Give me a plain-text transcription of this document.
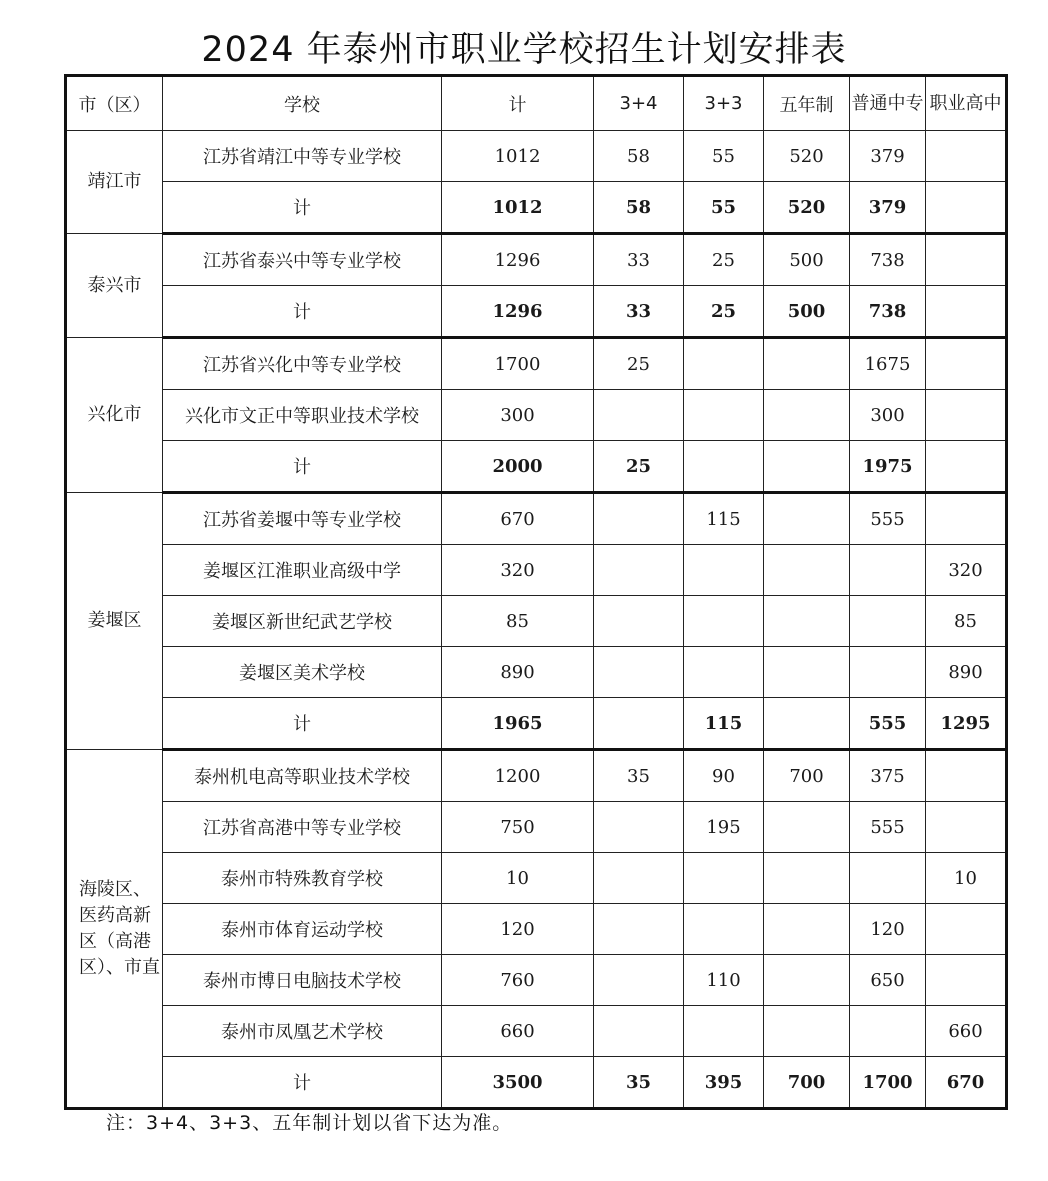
2024 年泰州市职业学校招生计划安排表
市（区）	学校	计	3+4	3+3	五年制	普通中专	职业高中
靖江市	江苏省靖江中等专业学校	1012	58	55	520	379	
	计	1012	58	55	520	379	
泰兴市	江苏省泰兴中等专业学校	1296	33	25	500	738	
	计	1296	33	25	500	738	
兴化市	江苏省兴化中等专业学校	1700	25			1675	
	兴化市文正中等职业技术学校	300				300	
	计	2000	25			1975	
姜堰区	江苏省姜堰中等专业学校	670		115		555	
	姜堰区江淮职业高级中学	320					320
	姜堰区新世纪武艺学校	85					85
	姜堰区美术学校	890					890
	计	1965		115		555	1295
海陵区、医药高新区（高港区）、市直	泰州机电高等职业技术学校	1200	35	90	700	375	
	江苏省高港中等专业学校	750		195		555	
	泰州市特殊教育学校	10					10
	泰州市体育运动学校	120				120	
	泰州市博日电脑技术学校	760		110		650	
	泰州市凤凰艺术学校	660					660
	计	3500	35	395	700	1700	670
注：3+4、3+3、五年制计划以省下达为准。
